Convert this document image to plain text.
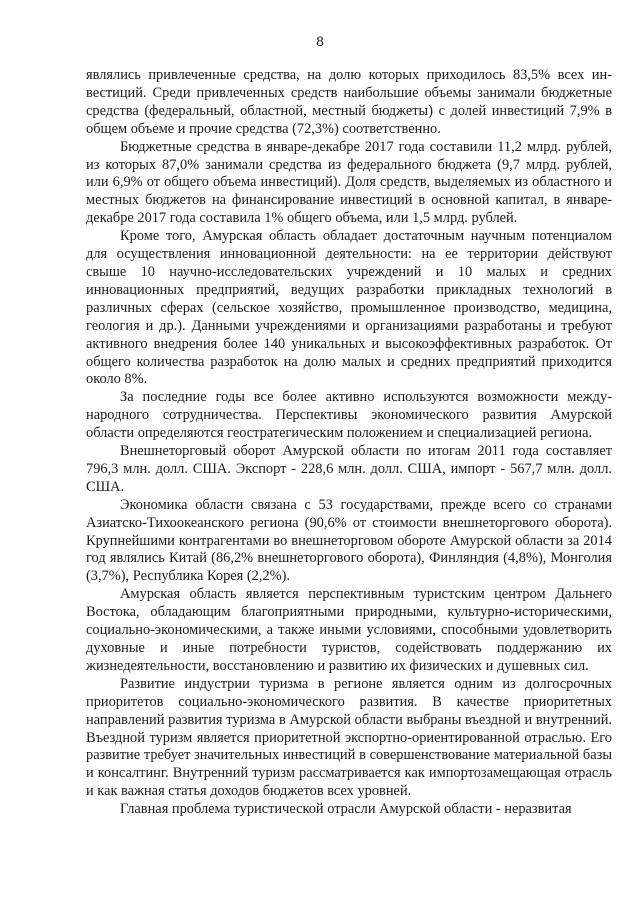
8

являлись привлеченные средства, на долю которых приходилось 83,5% всех инвестиций. Среди привлеченных средств наибольшие объемы занимали бюджетные средства (федеральный, областной, местный бюджеты) с долей инвестиций 7,9% в общем объеме и прочие средства (72,3%) соответственно.

Бюджетные средства в январе-декабре 2017 года составили 11,2 млрд. рублей, из которых 87,0% занимали средства из федерального бюджета (9,7 млрд. рублей, или 6,9% от общего объема инвестиций). Доля средств, выделяемых из областного и местных бюджетов на финансирование инвестиций в основной капитал, в январе-декабре 2017 года составила 1% общего объема, или 1,5 млрд. рублей.

Кроме того, Амурская область обладает достаточным научным потенциалом для осуществления инновационной деятельности: на ее территории действуют свыше 10 научно-исследовательских учреждений и 10 малых и средних инновационных предприятий, ведущих разработки прикладных технологий в различных сферах (сельское хозяйство, промышленное производство, медицина, геология и др.). Данными учреждениями и организациями разработаны и требуют активного внедрения более 140 уникальных и высокоэффективных разработок. От общего количества разработок на долю малых и средних предприятий приходится около 8%.

За последние годы все более активно используются возможности международного сотрудничества. Перспективы экономического развития Амурской области определяются геостратегическим положением и специализацией региона.

Внешнеторговый оборот Амурской области по итогам 2011 года составляет 796,3 млн. долл. США. Экспорт - 228,6 млн. долл. США, импорт - 567,7 млн. долл. США.

Экономика области связана с 53 государствами, прежде всего со странами Азиатско-Тихоокеанского региона (90,6% от стоимости внешнеторгового оборота). Крупнейшими контрагентами во внешнеторговом обороте Амурской области за 2014 год являлись Китай (86,2% внешнеторгового оборота), Финляндия (4,8%), Монголия (3,7%), Республика Корея (2,2%).

Амурская область является перспективным туристским центром Дальнего Востока, обладающим благоприятными природными, культурно-историческими, социально-экономическими, а также иными условиями, способными удовлетворить духовные и иные потребности туристов, содействовать поддержанию их жизнедеятельности, восстановлению и развитию их физических и душевных сил.

Развитие индустрии туризма в регионе является одним из долгосрочных приоритетов социально-экономического развития. В качестве приоритетных направлений развития туризма в Амурской области выбраны въездной и внутренний. Въездной туризм является приоритетной экспортно-ориентированной отраслью. Его развитие требует значительных инвестиций в совершенствование материальной базы и консалтинг. Внутренний туризм рассматривается как импортозамещающая отрасль и как важная статья доходов бюджетов всех уровней.

Главная проблема туристической отрасли Амурской области - неразвитая
